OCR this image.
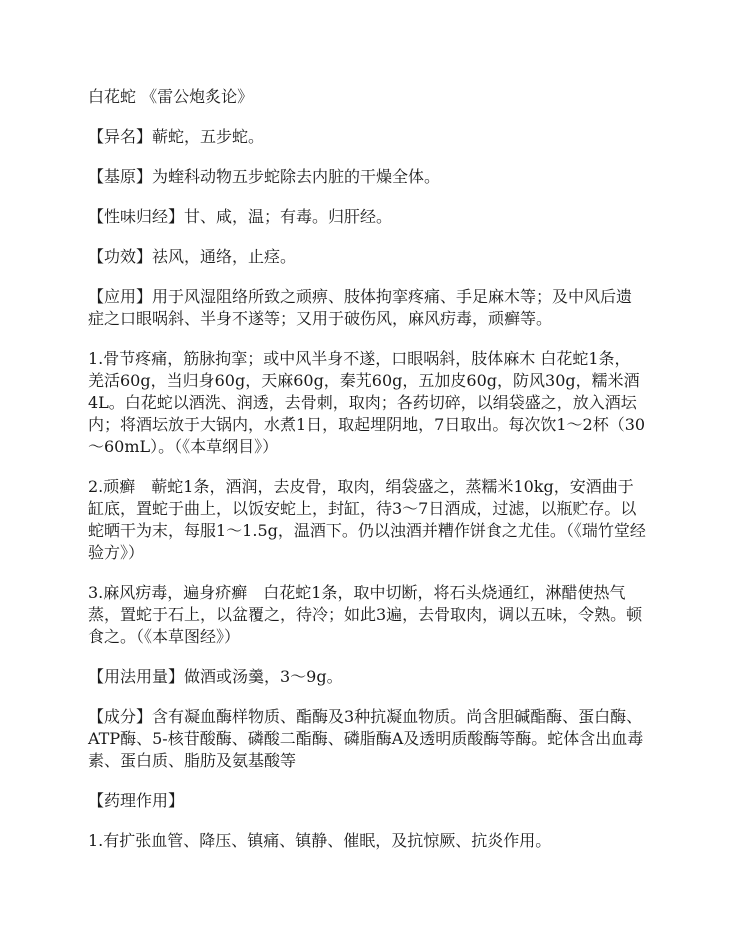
白花蛇 《雷公炮炙论》

【异名】蕲蛇，五步蛇。

【基原】为蝰科动物五步蛇除去内脏的干燥全体。

【性味归经】甘、咸，温；有毒。归肝经。

【功效】祛风，通络，止痉。

【应用】用于风湿阻络所致之顽痹、肢体拘挛疼痛、手足麻木等；及中风后遗症之口眼㖞斜、半身不遂等；又用于破伤风，麻风疠毒，顽癣等。

1.骨节疼痛，筋脉拘挛；或中风半身不遂，口眼㖞斜，肢体麻木 白花蛇1条，羌活60g，当归身60g，天麻60g，秦艽60g，五加皮60g，防风30g，糯米酒4L。白花蛇以酒洗、润透，去骨刺，取肉；各药切碎，以绢袋盛之，放入酒坛内；将酒坛放于大锅内，水煮1日，取起埋阴地，7日取出。每次饮1～2杯（30～60mL）。（《本草纲目》）

2.顽癣　蕲蛇1条，酒润，去皮骨，取肉，绢袋盛之，蒸糯米10kg，安酒曲于缸底，置蛇于曲上，以饭安蛇上，封缸，待3～7日酒成，过滤，以瓶贮存。以蛇晒干为末，每服1～1.5g，温酒下。仍以浊酒并糟作饼食之尤佳。（《瑞竹堂经验方》）

3.麻风疠毒，遍身疥癣　白花蛇1条，取中切断，将石头烧通红，淋醋使热气蒸，置蛇于石上，以盆覆之，待冷；如此3遍，去骨取肉，调以五味，令熟。顿食之。（《本草图经》）

【用法用量】做酒或汤羹，3～9g。

【成分】含有凝血酶样物质、酯酶及3种抗凝血物质。尚含胆碱酯酶、蛋白酶、ATP酶、5-核苷酸酶、磷酸二酯酶、磷脂酶A及透明质酸酶等酶。蛇体含出血毒素、蛋白质、脂肪及氨基酸等

【药理作用】

1.有扩张血管、降压、镇痛、镇静、催眠，及抗惊厥、抗炎作用。
